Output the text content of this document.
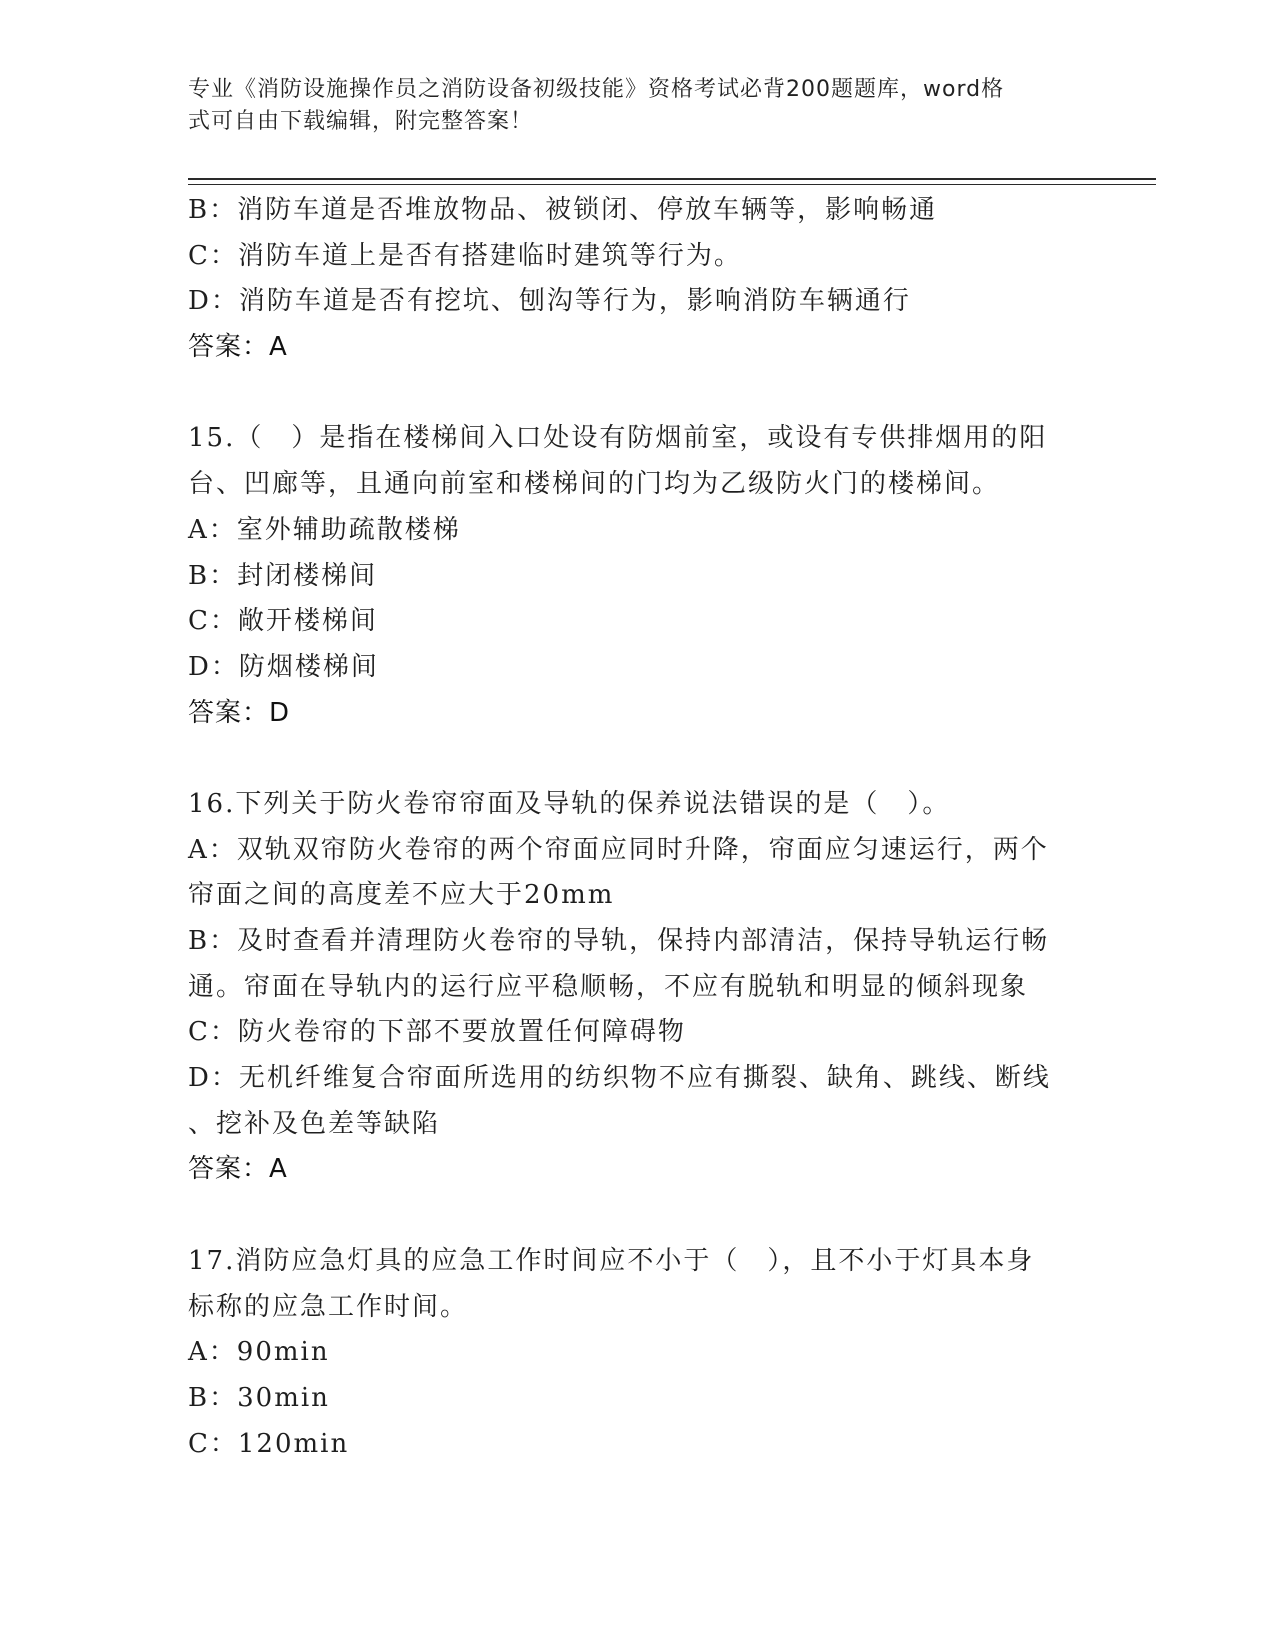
专业《消防设施操作员之消防设备初级技能》资格考试必背200题题库，word格
式可自由下载编辑，附完整答案！
B：消防车道是否堆放物品、被锁闭、停放车辆等，影响畅通
C：消防车道上是否有搭建临时建筑等行为。
D：消防车道是否有挖坑、刨沟等行为，影响消防车辆通行
答案：A
15.（　）是指在楼梯间入口处设有防烟前室，或设有专供排烟用的阳
台、凹廊等，且通向前室和楼梯间的门均为乙级防火门的楼梯间。
A：室外辅助疏散楼梯
B：封闭楼梯间
C：敞开楼梯间
D：防烟楼梯间
答案：D
16.下列关于防火卷帘帘面及导轨的保养说法错误的是（　）。
A：双轨双帘防火卷帘的两个帘面应同时升降，帘面应匀速运行，两个
帘面之间的高度差不应大于20mm
B：及时查看并清理防火卷帘的导轨，保持内部清洁，保持导轨运行畅
通。帘面在导轨内的运行应平稳顺畅，不应有脱轨和明显的倾斜现象
C：防火卷帘的下部不要放置任何障碍物
D：无机纤维复合帘面所选用的纺织物不应有撕裂、缺角、跳线、断线
、挖补及色差等缺陷
答案：A
17.消防应急灯具的应急工作时间应不小于（　），且不小于灯具本身
标称的应急工作时间。
A：90min
B：30min
C：120min
